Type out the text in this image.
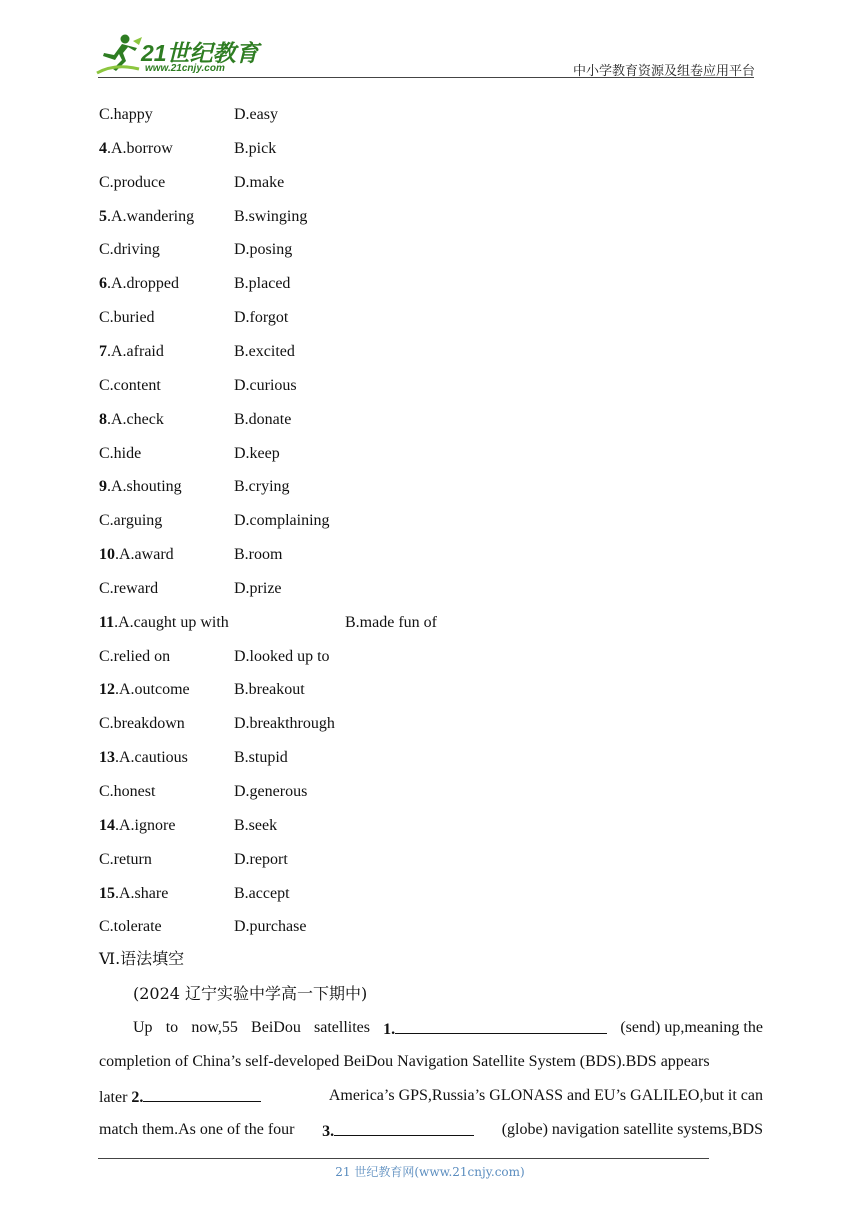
21世纪教育
www.21cnjy.com	中小学教育资源及组卷应用平台
C.happy	D.easy
4.A.borrow	B.pick
C.produce	D.make
5.A.wandering B.swinging
C.driving	D.posing
6.A.dropped	B.placed
C.buried	D.forgot
7.A.afraid	B.excited
C.content	D.curious
8.A.check	B.donate
C.hide	D.keep
9.A.shouting	B.crying
C.arguing	D.complaining
10.A.award	B.room
C.reward	D.prize
11.A.caught up with	B.made fun of
C.relied on	D.looked up to
12.A.outcome	B.breakout
C.breakdown	D.breakthrough
13.A.cautious	B.stupid
C.honest	D.generous
14.A.ignore	B.seek
C.return	D.report
15.A.share	B.accept
C.tolerate	D.purchase
Ⅵ.语法填空
(2024 辽宁实验中学高一下期中)
Up to now,55 BeiDou satellites 1.	(send) up,meaning the
completion of China’s self-developed BeiDou Navigation Satellite System (BDS).BDS appears
later 2.	America’s GPS,Russia’s GLONASS and EU’s GALILEO,but it can
match them.As one of the four 3.	(globe) navigation satellite systems,BDS
21 世纪教育网(www.21cnjy.com)
